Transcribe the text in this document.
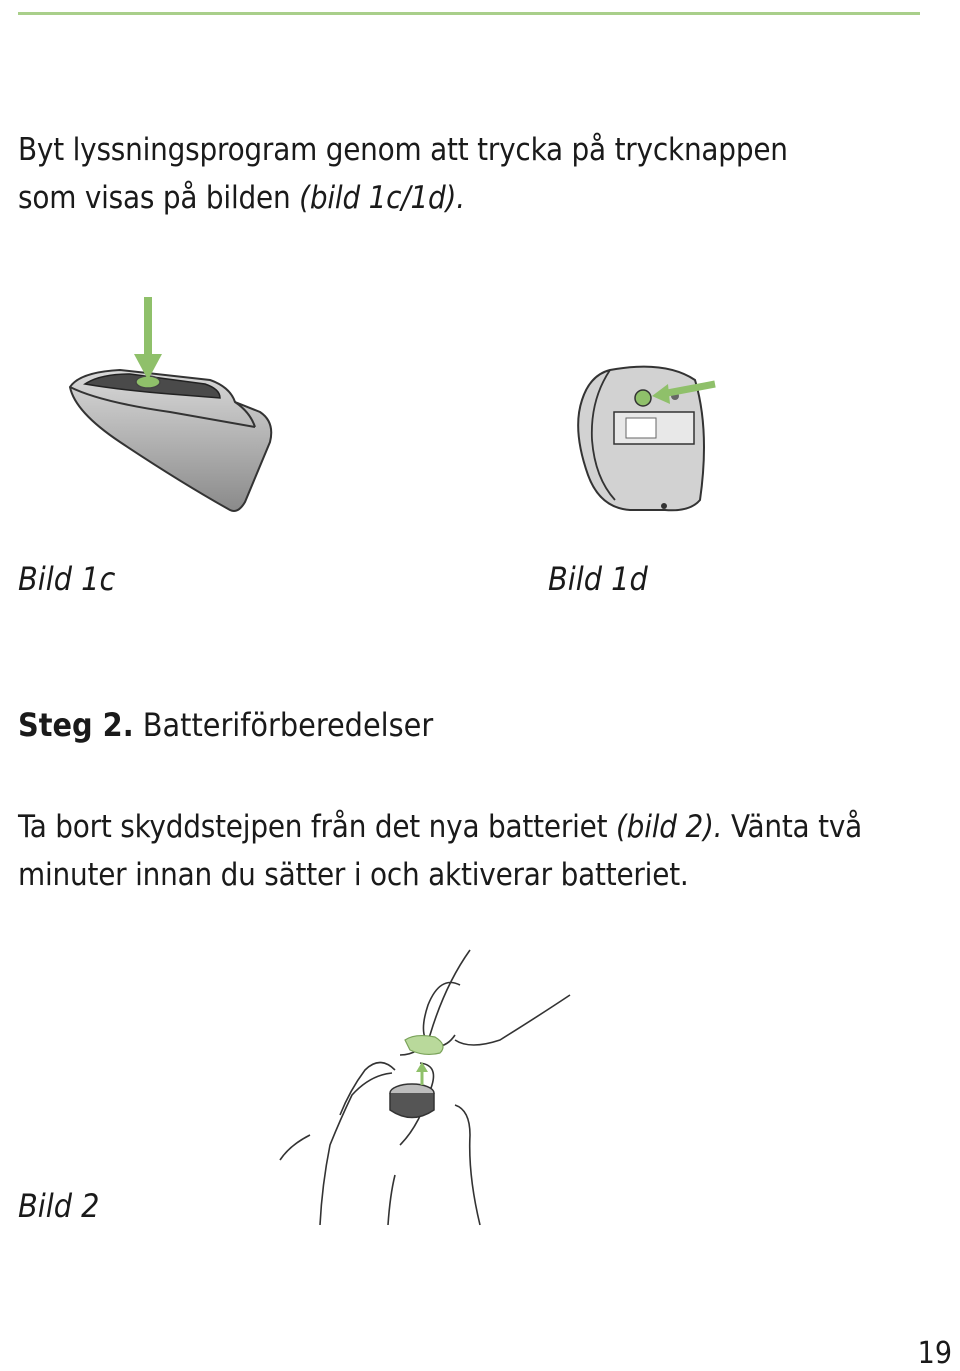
Byt lyssningsprogram genom att trycka på trycknappen
som visas på bilden (bild 1c/1d).

Bild 1c	Bild 1d
Steg 2. Batteriförberedelser

Ta bort skyddstejpen från det nya batteriet (bild 2). Vänta två minuter innan du sätter i och aktiverar batteriet.

Bild 2
19
